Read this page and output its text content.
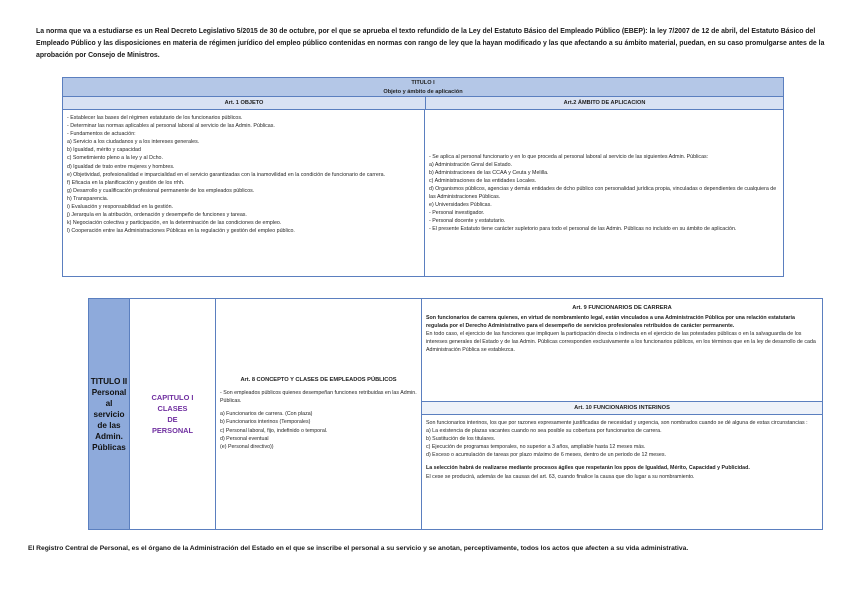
La norma que va a estudiarse es un Real Decreto Legislativo 5/2015 de 30 de octubre, por el que se aprueba el texto refundido de la Ley del Estatuto Básico del Empleado Público (EBEP): la ley 7/2007 de 12 de abril, del Estatuto Básico del Empleado Público y las disposiciones en materia de régimen jurídico del empleo público contenidas en normas con rango de ley que la hayan modificado y las que afectando a su ámbito material, puedan, en su caso promulgarse antes de la aprobación por Consejo de Ministros.
TITULO I
Objeto y ámbito de aplicación
Art. 1 OBJETO	Art.2 ÁMBITO DE APLICACION
- Establecer las bases del régimen estatutario de los funcionarios públicos.
- Determinar las normas aplicables al personal laboral al servicio de las Admin. Públicas.
- Fundamentos de actuación:
a) Servicio a los ciudadanos y a los intereses generales.
b) Igualdad, mérito y capacidad
c) Sometimiento pleno a la ley y al Dcho.
d) Igualdad de trato entre mujeres y hombres.
e) Objetividad, profesionalidad e imparcialidad en el servicio garantizadas con la inamovilidad en la condición de funcionario de carrera.
f) Eficacia en la planificación y gestión de los rrhh.
g) Desarrollo y cualificación profesional permanente de los empleados públicos.
h) Transparencia.
i) Evaluación y responsabilidad en la gestión.
j) Jerarquía en la atribución, ordenación y desempeño de funciones y tareas.
k) Negociación colectiva y participación, en la determinación de las condiciones de empleo.
l) Cooperación entre las Administraciones Públicas en la regulación y gestión del empleo público.
- Se aplica al personal funcionario y en lo que proceda al personal laboral al servicio de las siguientes Admin. Públicas:
a) Administración Gnral del Estado.
b) Administraciones de las CCAA y Ceuta y Melilla.
c) Administraciones de las entidades Locales.
d) Organismos públicos, agencias y demás entidades de dcho público con personalidad jurídica propia, vinculadas o dependientes de cualquiera de las Administraciones Públicas.
e) Universidades Públicas.
- Personal investigador.
- Personal docente y estatutario.
- El presente Estatuto tiene carácter supletorio para todo el personal de las Admin. Públicas no incluido en su ámbito de aplicación.
TITULO II
Personal
al servicio
de las
Admin. Públicas
CAPITULO I
CLASES
DE
PERSONAL
Art. 8 CONCEPTO Y CLASES DE EMPLEADOS PÚBLICOS
- Son empleados públicos quienes desempeñan funciones retribuidas en las Admin. Públicas.
a) Funcionarios de carrera. (Con plaza)
b) Funcionarios interinos (Temporales)
c) Personal laboral, fijo, indefinido o temporal.
d) Personal eventual
(e) Personal directivo))
Art. 9 FUNCIONARIOS DE CARRERA
Son funcionarios de carrera quienes, en virtud de nombramiento legal, están vinculados a una Administración Pública por una relación estatutaria regulada por el Derecho Administrativo para el desempeño de servicios profesionales retribuidos de carácter permanente.
En todo caso, el ejercicio de las funciones que impliquen la participación directa o indirecta en el ejercicio de las potestades públicas o en la salvaguardia de los intereses generales del Estado y de las Admin. Públicas corresponden exclusivamente a los funcionarios públicos, en los términos que en la ley de desarrollo de cada Administración Pública se establezca.
Art. 10 FUNCIONARIOS INTERINOS
Son funcionarios interinos, los que por razones expresamente justificadas de necesidad y urgencia, son nombrados cuando se dé alguna de estas circunstancias :
a) La existencia de plazas vacantes cuando no sea posible su cobertura por funcionarios de carrera.
b) Sustitución de los titulares.
c) Ejecución de programas temporales, no superior a 3 años, ampliable hasta 12 meses más.
d) Exceso o acumulación de tareas por plazo máximo de 6 meses, dentro de un periodo de 12 meses.
La selección habrá de realizarse mediante procesos ágiles que respetarán los ppos de Igualdad, Mérito, Capacidad y Publicidad.
El cese se producirá, además de las causas del art. 63, cuando finalice la causa que dio lugar a su nombramiento.
El Registro Central de Personal, es el órgano de la Administración del Estado en el que se inscribe el personal a su servicio y se anotan, perceptivamente, todos los actos que afecten a su vida administrativa.
